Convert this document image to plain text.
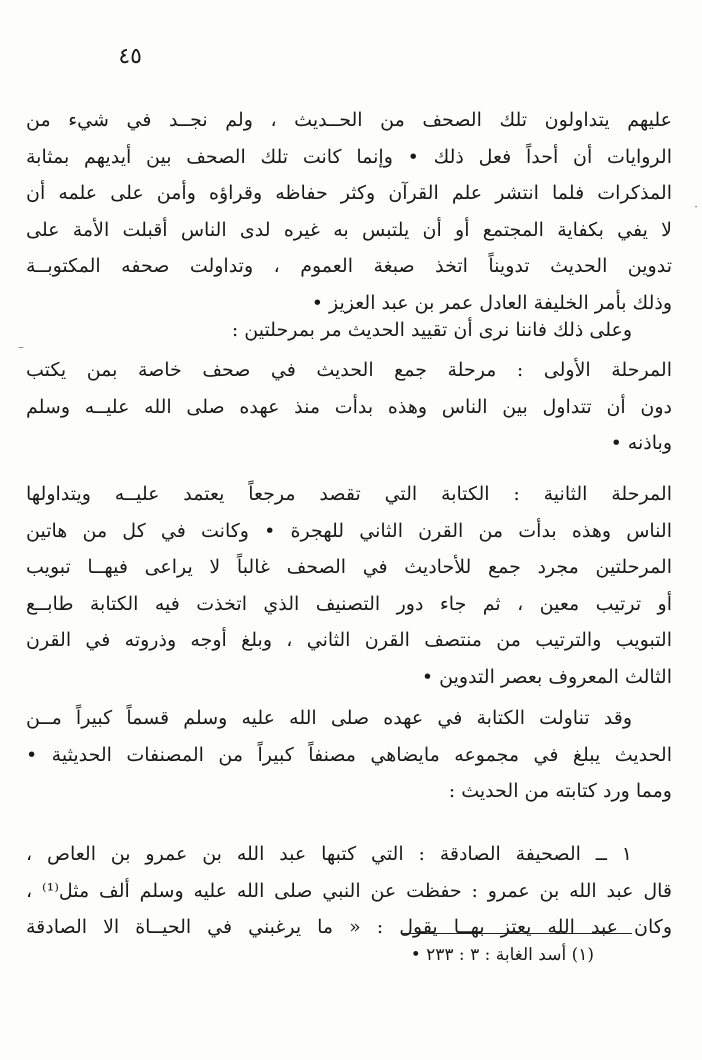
٤٥
عليهم يتداولون تلك الصحف من الحــديث ، ولم نجــد في شيء من
الروايات أن أحداً فعل ذلك • وإنما كانت تلك الصحف بين أيديهم بمثابة
المذكرات فلما انتشر علم القرآن وكثر حفاظه وقراؤه وأمن على علمه أن
لا يفي بكفاية المجتمع أو أن يلتبس به غيره لدى الناس أقبلت الأمة على
تدوين الحديث تدويناً اتخذ صبغة العموم ، وتداولت صحفه المكتوبــة
وذلك بأمر الخليفة العادل عمر بن عبد العزيز •
وعلى ذلك فاننا نرى أن تقييد الحديث مر بمرحلتين :
المرحلة الأولى : مرحلة جمع الحديث في صحف خاصة بمن يكتب
دون أن تتداول بين الناس وهذه بدأت منذ عهده صلى الله عليــه وسلم
وباذنه •
المرحلة الثانية : الكتابة التي تقصد مرجعاً يعتمد عليــه ويتداولها
الناس وهذه بدأت من القرن الثاني للهجرة • وكانت في كل من هاتين
المرحلتين مجرد جمع للأحاديث في الصحف غالباً لا يراعى فيهــا تبويب
أو ترتيب معين ، ثم جاء دور التصنيف الذي اتخذت فيه الكتابة طابــع
التبويب والترتيب من منتصف القرن الثاني ، وبلغ أوجه وذروته في القرن
الثالث المعروف بعصر التدوين •
وقد تناولت الكتابة في عهده صلى الله عليه وسلم قسماً كبيراً مــن
الحديث يبلغ في مجموعه مايضاهي مصنفاً كبيراً من المصنفات الحديثية •
ومما ورد كتابته من الحديث :
١ ــ الصحيفة الصادقة : التي كتبها عبد الله بن عمرو بن العاص ،
قال عبد الله بن عمرو : حفظت عن النبي صلى الله عليه وسلم ألف مثل⁽¹⁾ ،
وكان عبد الله يعتز بهــا يقول : « ما يرغبني في الحيــاة الا الصادقة
(١) أسد الغابة : ٣ : ٢٣٣ •
–
·
